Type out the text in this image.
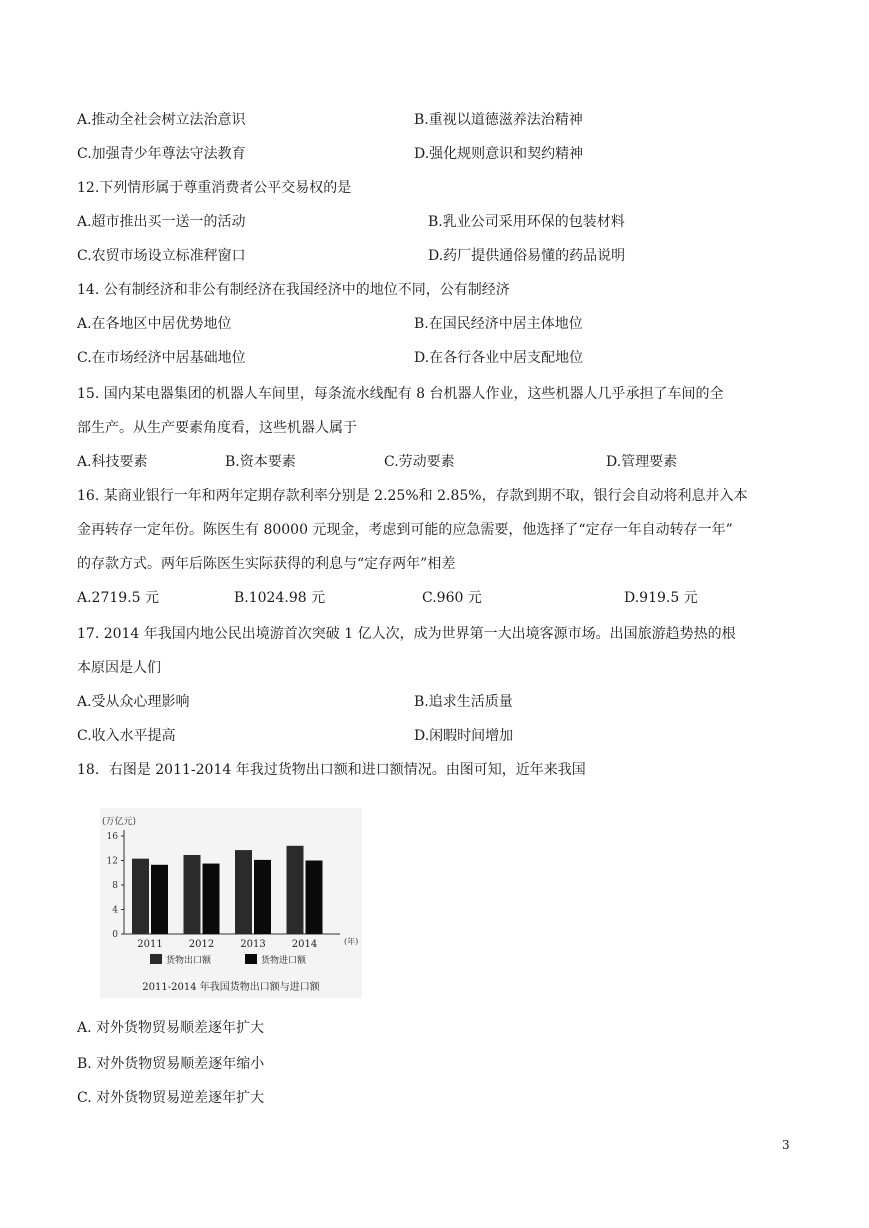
A.推动全社会树立法治意识	B.重视以道德滋养法治精神
C.加强青少年尊法守法教育	D.强化规则意识和契约精神
12.下列情形属于尊重消费者公平交易权的是
A.超市推出买一送一的活动	B.乳业公司采用环保的包装材料
C.农贸市场设立标准秤窗口	D.药厂提供通俗易懂的药品说明
14. 公有制经济和非公有制经济在我国经济中的地位不同，公有制经济
A.在各地区中居优势地位	B.在国民经济中居主体地位
C.在市场经济中居基础地位	D.在各行各业中居支配地位
15. 国内某电器集团的机器人车间里，每条流水线配有 8 台机器人作业，这些机器人几乎承担了车间的全
部生产。从生产要素角度看，这些机器人属于
A.科技要素	B.资本要素	C.劳动要素	D.管理要素
16. 某商业银行一年和两年定期存款利率分别是 2.25%和 2.85%，存款到期不取，银行会自动将利息并入本
金再转存一定年份。陈医生有 80000 元现金，考虑到可能的应急需要，他选择了“定存一年自动转存一年”
的存款方式。两年后陈医生实际获得的利息与“定存两年”相差
A.2719.5 元	B.1024.98 元	C.960 元	D.919.5 元
17. 2014 年我国内地公民出境游首次突破 1 亿人次，成为世界第一大出境客源市场。出国旅游趋势热的根
本原因是人们
A.受从众心理影响	B.追求生活质量
C.收入水平提高	D.闲暇时间增加
18．右图是 2011-2014 年我过货物出口额和进口额情况。由图可知，近年来我国
(万亿元)
(年)
2011-2014 年我国货物出口额与进口额
0
4
8
12
16
2011	2012	2013	2014
货物出口额	货物进口额
A. 对外货物贸易顺差逐年扩大
B. 对外货物贸易顺差逐年缩小
C. 对外货物贸易逆差逐年扩大
3
